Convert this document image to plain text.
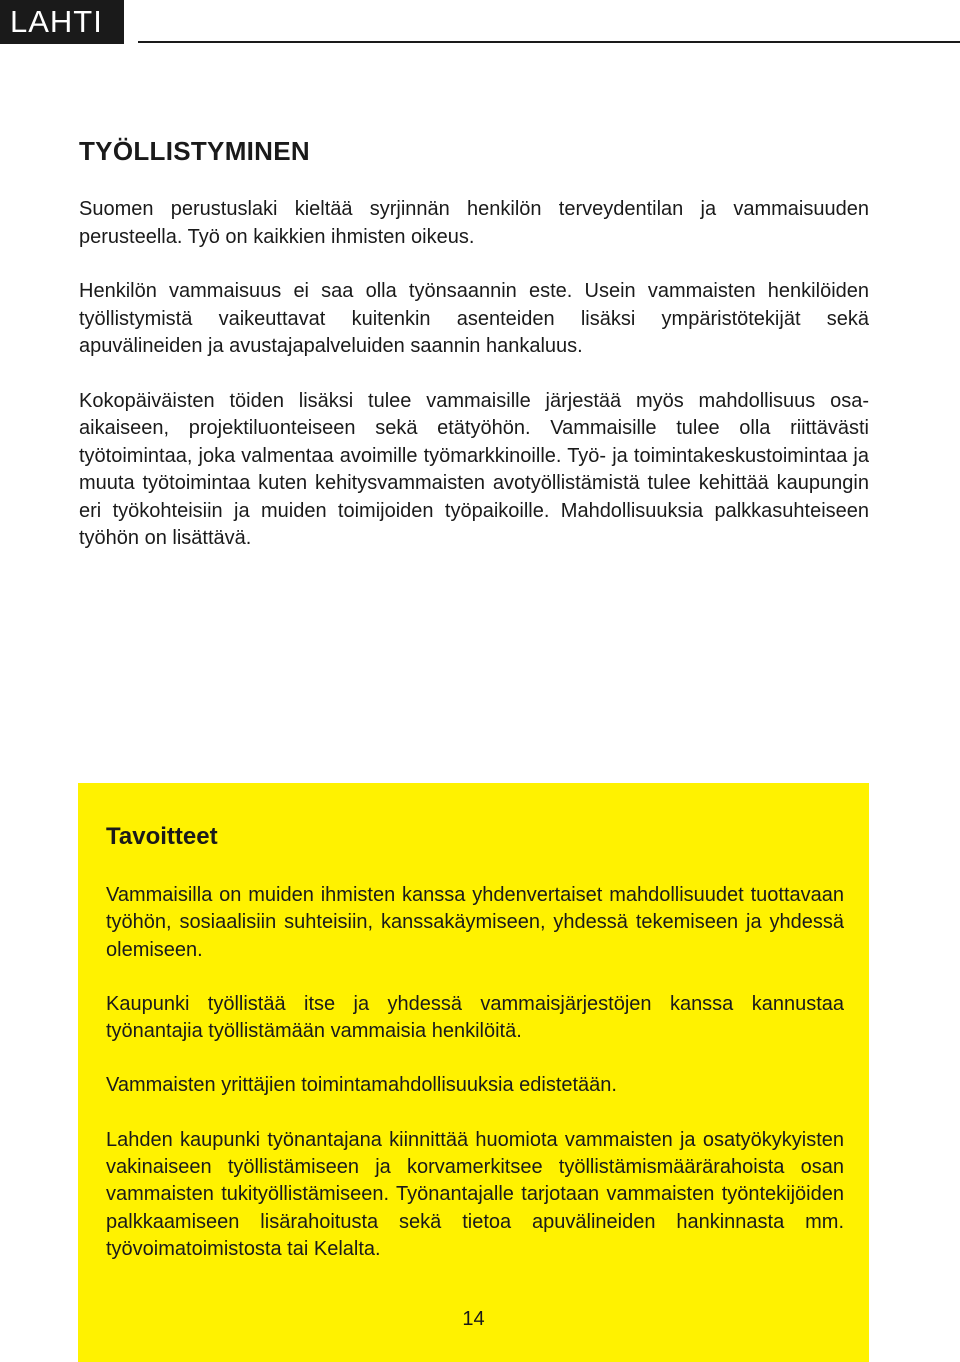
LAHTI
TYÖLLISTYMINEN

Suomen perustuslaki kieltää syrjinnän henkilön terveydentilan ja vammaisuuden perusteella. Työ on kaikkien ihmisten oikeus.

Henkilön vammaisuus ei saa olla työnsaannin este. Usein vammaisten henkilöiden työllistymistä vaikeuttavat kuitenkin asenteiden lisäksi ympäristötekijät sekä apuvälineiden ja avustajapalveluiden saannin hankaluus.

Kokopäiväisten töiden lisäksi tulee vammaisille järjestää myös mahdollisuus osa-aikaiseen, projektiluonteiseen sekä etätyöhön. Vammaisille tulee olla riittävästi työtoimintaa, joka valmentaa avoimille työmarkkinoille. Työ- ja toimintakeskustoimintaa ja muuta työtoimintaa kuten kehitysvammaisten avotyöllistämistä tulee kehittää kaupungin eri työkohteisiin ja muiden toimijoiden työpaikoille. Mahdollisuuksia palkkasuhteiseen työhön on lisättävä.

Tavoitteet

Vammaisilla on muiden ihmisten kanssa yhdenvertaiset mahdollisuudet tuottavaan työhön, sosiaalisiin suhteisiin, kanssakäymiseen, yhdessä tekemiseen ja yhdessä olemiseen.

Kaupunki työllistää itse ja yhdessä vammaisjärjestöjen kanssa kannustaa työnantajia työllistämään vammaisia henkilöitä.

Vammaisten yrittäjien toimintamahdollisuuksia edistetään.

Lahden kaupunki työnantajana kiinnittää huomiota vammaisten ja osatyökykyisten vakinaiseen työllistämiseen ja korvamerkitsee työllistämismäärärahoista osan vammaisten tukityöllistämiseen. Työnantajalle tarjotaan vammaisten työntekijöiden palkkaamiseen lisärahoitusta sekä tietoa apuvälineiden hankinnasta mm. työvoimatoimistosta tai Kelalta.

14
